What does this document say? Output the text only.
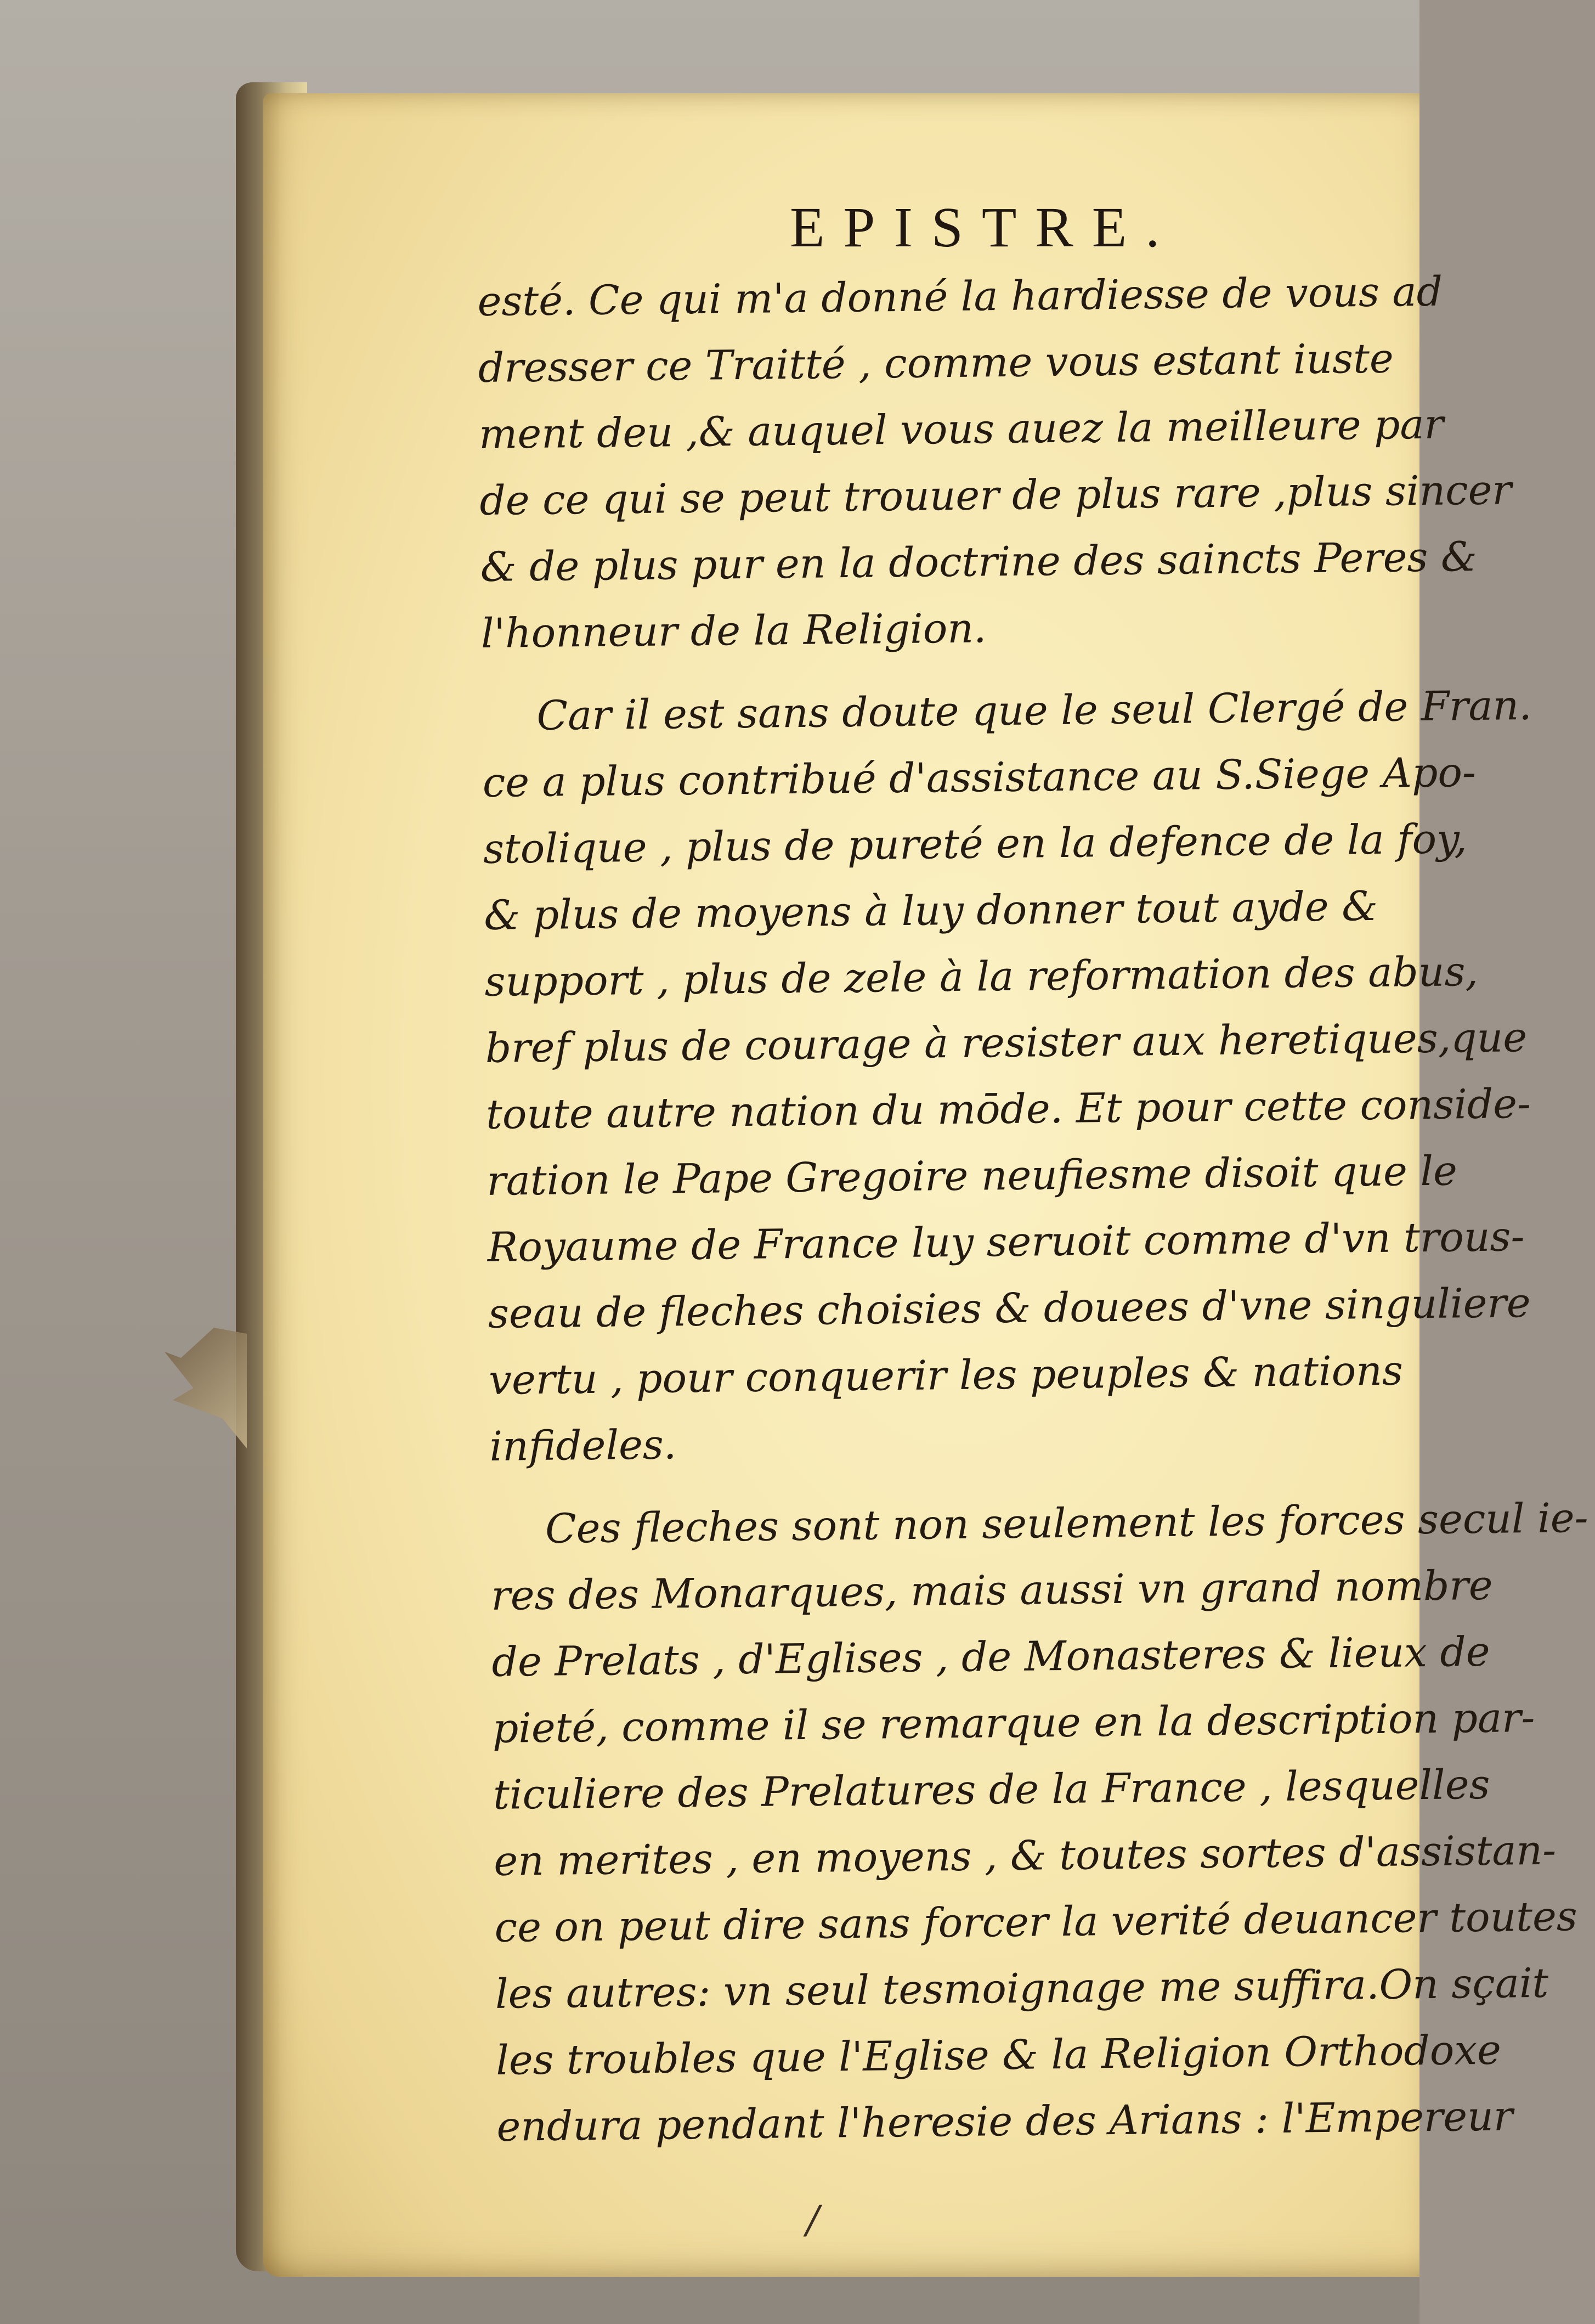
EPISTRE.
esté. Ce qui m'a donné la hardiesse de vous ad
dresser ce Traitté , comme vous estant iuste
ment deu ,& auquel vous auez la meilleure par
de ce qui se peut trouuer de plus rare ,plus sincer
& de plus pur en la doctrine des saincts Peres &
l'honneur de la Religion.
Car il est sans doute que le seul Clergé de Fran.
ce a plus contribué d'assistance au S.Siege Apo-
stolique , plus de pureté en la defence de la foy,
& plus de moyens à luy donner tout ayde &
support , plus de zele à la reformation des abus,
bref plus de courage à resister aux heretiques,que
toute autre nation du mōde. Et pour cette conside-
ration le Pape Gregoire neufiesme disoit que le
Royaume de France luy seruoit comme d'vn trous-
seau de fleches choisies & douees d'vne singuliere
vertu , pour conquerir les peuples & nations
infideles.
Ces fleches sont non seulement les forces secul ie-
res des Monarques, mais aussi vn grand nombre
de Prelats , d'Eglises , de Monasteres & lieux de
pieté, comme il se remarque en la description par-
ticuliere des Prelatures de la France , lesquelles
en merites , en moyens , & toutes sortes d'assistan-
ce on peut dire sans forcer la verité deuancer toutes
les autres: vn seul tesmoignage me suffira.On sçait
les troubles que l'Eglise & la Religion Orthodoxe
endura pendant l'heresie des Arians : l'Empereur
/
